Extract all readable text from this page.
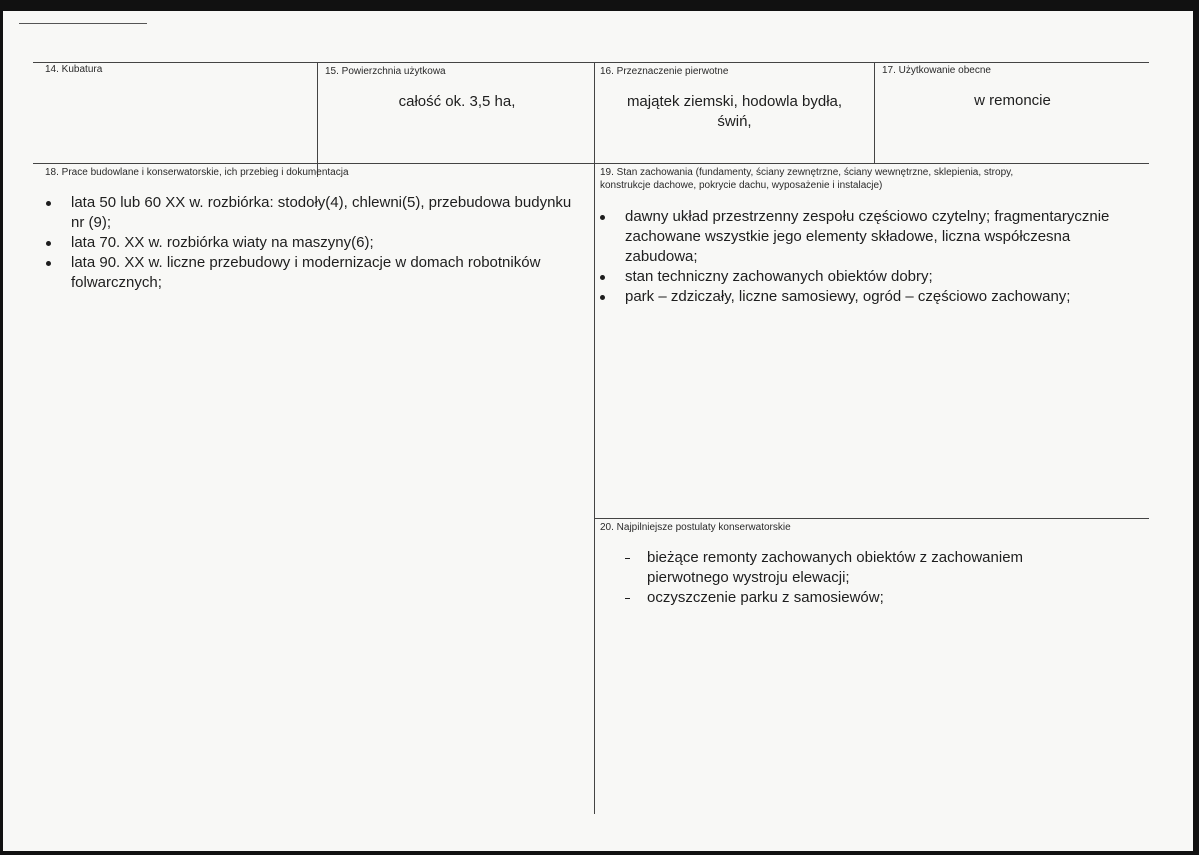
14. Kubatura	15. Powierzchnia użytkowa
całość ok. 3,5 ha,
16. Przeznaczenie pierwotne
majątek ziemski, hodowla bydła,
świń,
17. Użytkowanie obecne
w remoncie
18. Prace budowlane i konserwatorskie, ich przebieg i dokumentacja
lata 50 lub 60 XX w. rozbiórka: stodoły(4), chlewni(5), przebudowa budynku nr (9);
lata 70. XX w. rozbiórka wiaty na maszyny(6);
lata 90. XX w. liczne przebudowy i modernizacje w domach robotników folwarcznych;
19. Stan zachowania (fundamenty, ściany zewnętrzne, ściany wewnętrzne, sklepienia, stropy,
konstrukcje dachowe, pokrycie dachu, wyposażenie i instalacje)
dawny układ przestrzenny zespołu częściowo czytelny; fragmentarycznie zachowane wszystkie jego elementy składowe, liczna współczesna zabudowa;
stan techniczny zachowanych obiektów dobry;
park – zdziczały, liczne samosiewy, ogród – częściowo zachowany;
20. Najpilniejsze postulaty konserwatorskie
bieżące remonty zachowanych obiektów z zachowaniem pierwotnego wystroju elewacji;
oczyszczenie parku z samosiewów;
